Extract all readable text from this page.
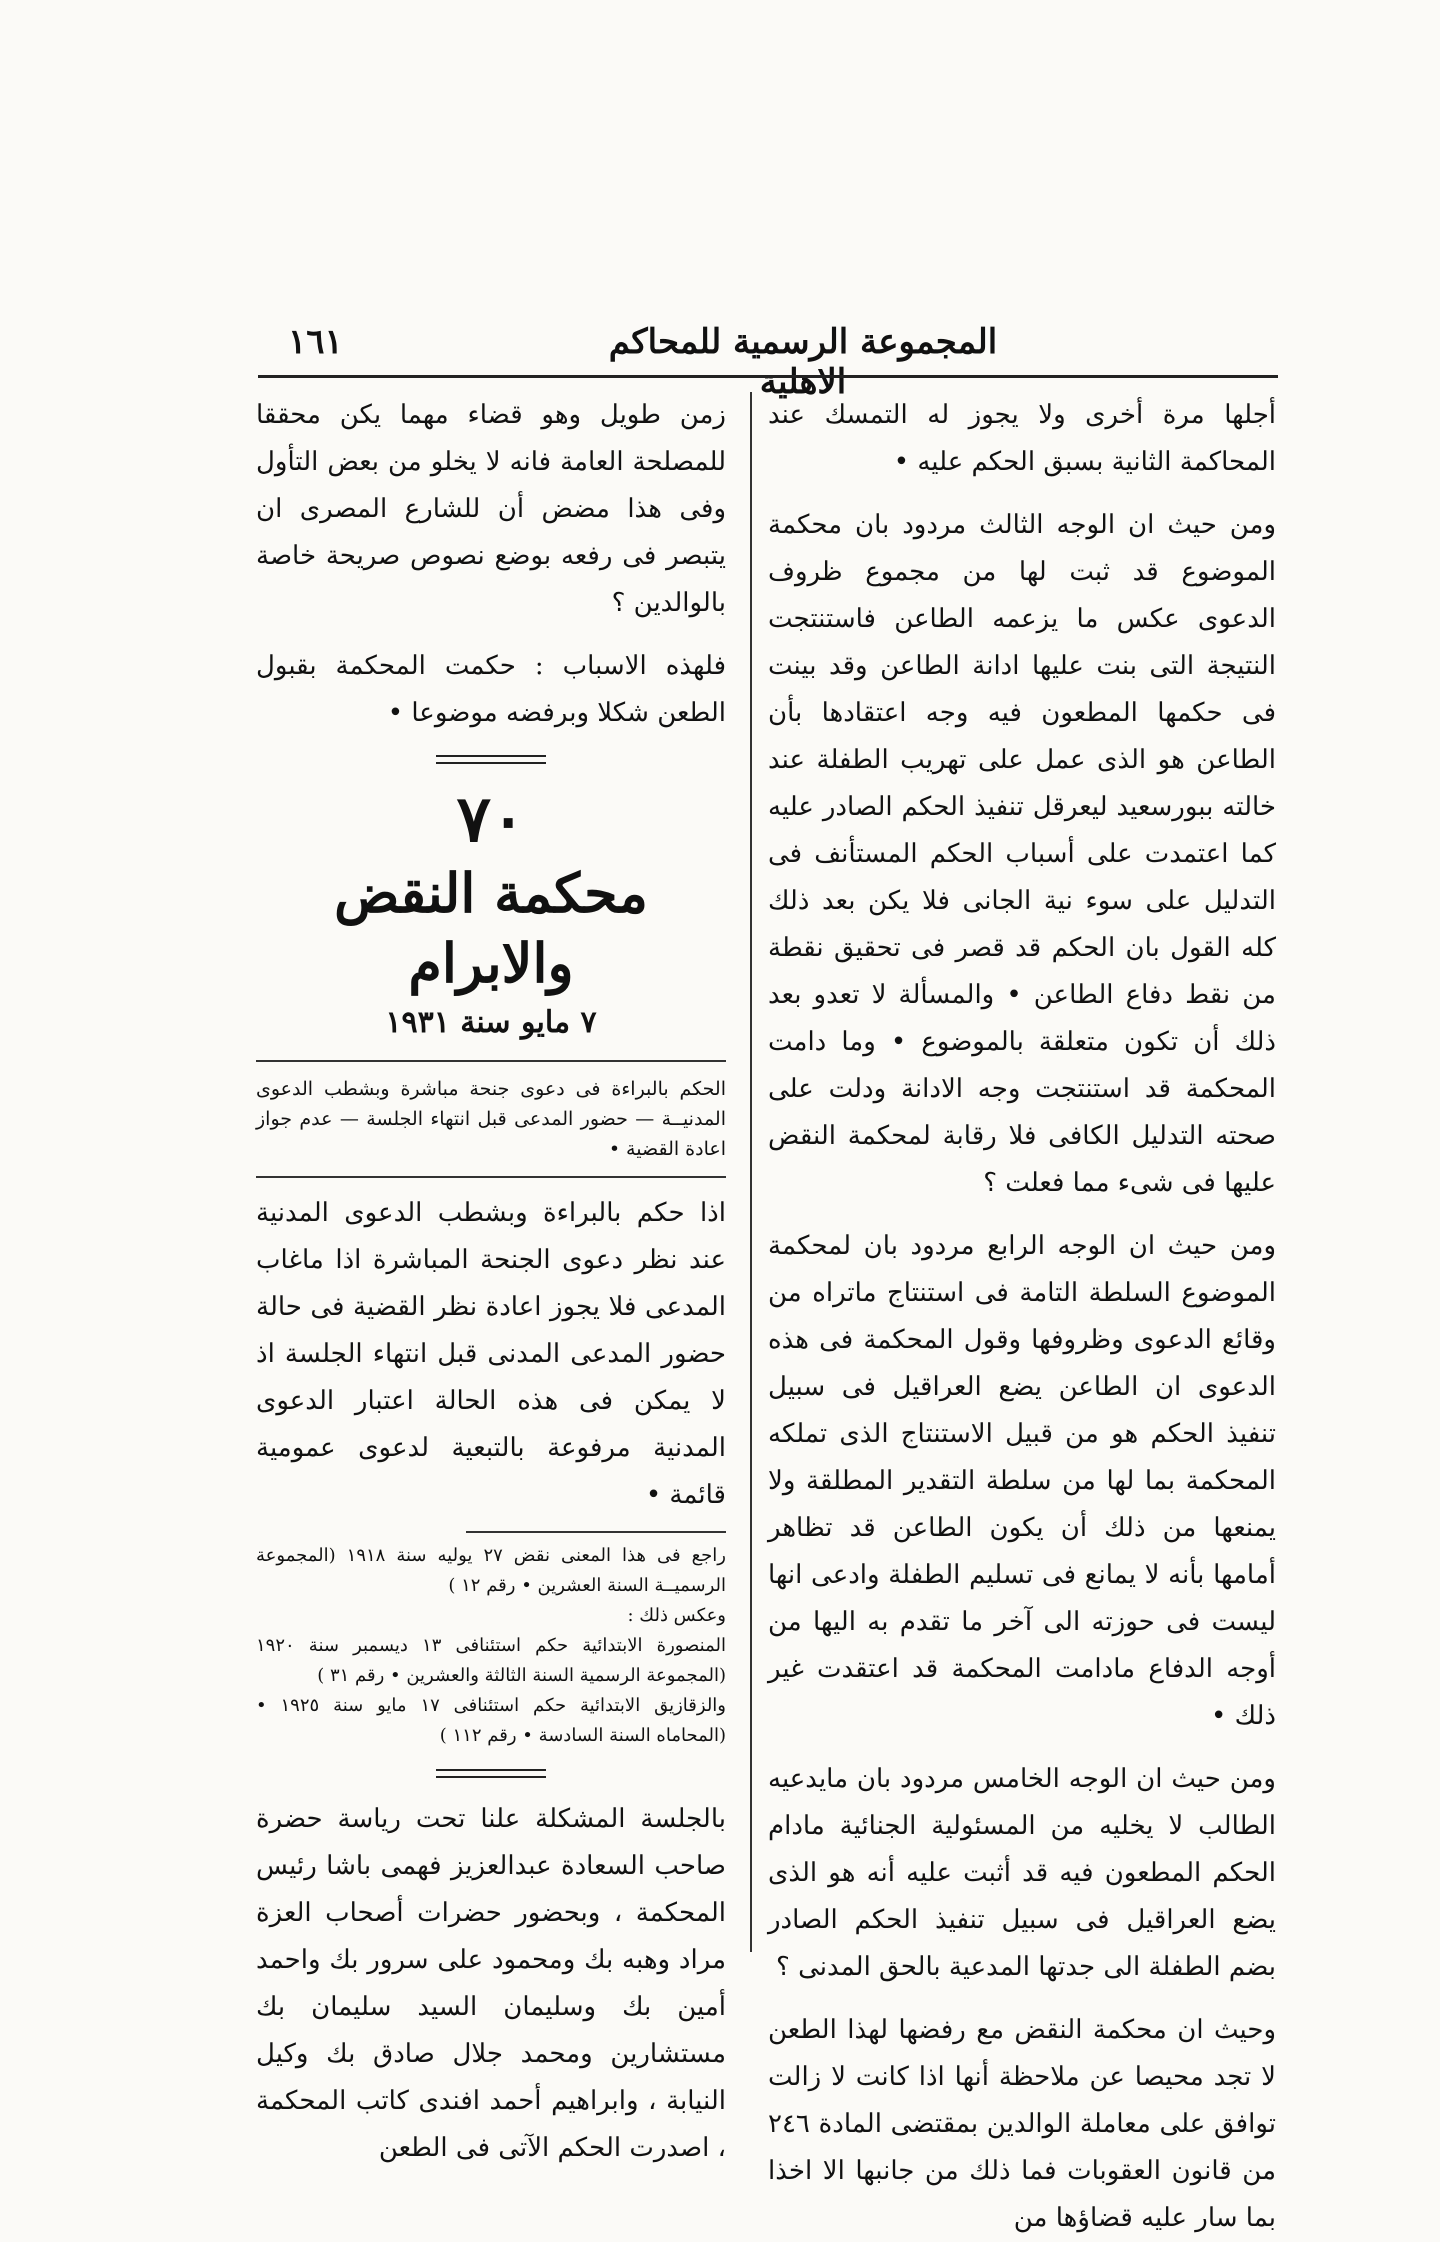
١٦١	المجموعة الرسمية للمحاكم الاهلية

أجلها مرة أخرى ولا يجوز له التمسك عند المحاكمة الثانية بسبق الحكم عليه •

ومن حيث ان الوجه الثالث مردود بان محكمة الموضوع قد ثبت لها من مجموع ظروف الدعوى عكس ما يزعمه الطاعن فاستنتجت النتيجة التى بنت عليها ادانة الطاعن وقد بينت فى حكمها المطعون فيه وجه اعتقادها بأن الطاعن هو الذى عمل على تهريب الطفلة عند خالته ببورسعيد ليعرقل تنفيذ الحكم الصادر عليه كما اعتمدت على أسباب الحكم المستأنف فى التدليل على سوء نية الجانى فلا يكن بعد ذلك كله القول بان الحكم قد قصر فى تحقيق نقطة من نقط دفاع الطاعن • والمسألة لا تعدو بعد ذلك أن تكون متعلقة بالموضوع • وما دامت المحكمة قد استنتجت وجه الادانة ودلت على صحته التدليل الكافى فلا رقابة لمحكمة النقض عليها فى شىء مما فعلت ؟

ومن حيث ان الوجه الرابع مردود بان لمحكمة الموضوع السلطة التامة فى استنتاج ماتراه من وقائع الدعوى وظروفها وقول المحكمة فى هذه الدعوى ان الطاعن يضع العراقيل فى سبيل تنفيذ الحكم هو من قبيل الاستنتاج الذى تملكه المحكمة بما لها من سلطة التقدير المطلقة ولا يمنعها من ذلك أن يكون الطاعن قد تظاهر أمامها بأنه لا يمانع فى تسليم الطفلة وادعى انها ليست فى حوزته الى آخر ما تقدم به اليها من أوجه الدفاع مادامت المحكمة قد اعتقدت غير ذلك •

ومن حيث ان الوجه الخامس مردود بان مايدعيه الطالب لا يخليه من المسئولية الجنائية مادام الحكم المطعون فيه قد أثبت عليه أنه هو الذى يضع العراقيل فى سبيل تنفيذ الحكم الصادر بضم الطفلة الى جدتها المدعية بالحق المدنى ؟

وحيث ان محكمة النقض مع رفضها لهذا الطعن لا تجد محيصا عن ملاحظة أنها اذا كانت لا زالت توافق على معاملة الوالدين بمقتضى المادة ٢٤٦ من قانون العقوبات فما ذلك من جانبها الا اخذا بما سار عليه قضاؤها من

زمن طويل وهو قضاء مهما يكن محققا للمصلحة العامة فانه لا يخلو من بعض التأول وفى هذا مضض أن للشارع المصرى ان يتبصر فى رفعه بوضع نصوص صريحة خاصة بالوالدين ؟

فلهذه الاسباب : حكمت المحكمة بقبول الطعن شكلا وبرفضه موضوعا •

٧٠
محكمة النقض والابرام
٧ مايو سنة ١٩٣١

الحكم بالبراءة فى دعوى جنحة مباشرة وبشطب الدعوى المدنيــة — حضور المدعى قبل انتهاء الجلسة — عدم جواز اعادة القضية •

اذا حكم بالبراءة وبشطب الدعوى المدنية عند نظر دعوى الجنحة المباشرة اذا ماغاب المدعى فلا يجوز اعادة نظر القضية فى حالة حضور المدعى المدنى قبل انتهاء الجلسة اذ لا يمكن فى هذه الحالة اعتبار الدعوى المدنية مرفوعة بالتبعية لدعوى عمومية قائمة •

راجع فى هذا المعنى نقض ٢٧ يوليه سنة ١٩١٨ (المجموعة الرسميــة السنة العشرين • رقم ١٢ )
وعكس ذلك :
المنصورة الابتدائية حكم استئنافى ١٣ ديسمبر سنة ١٩٢٠ (المجموعة الرسمية السنة الثالثة والعشرين • رقم ٣١ )
والزقازيق الابتدائية حكم استئنافى ١٧ مايو سنة ١٩٢٥ • (المحاماه السنة السادسة • رقم ١١٢ )

بالجلسة المشكلة علنا تحت رياسة حضرة صاحب السعادة عبدالعزيز فهمى باشا رئيس المحكمة ، وبحضور حضرات أصحاب العزة مراد وهبه بك ومحمود على سرور بك واحمد أمين بك وسليمان السيد سليمان بك مستشارين ومحمد جلال صادق بك وكيل النيابة ، وابراهيم أحمد افندى كاتب المحكمة ، اصدرت الحكم الآتى فى الطعن
